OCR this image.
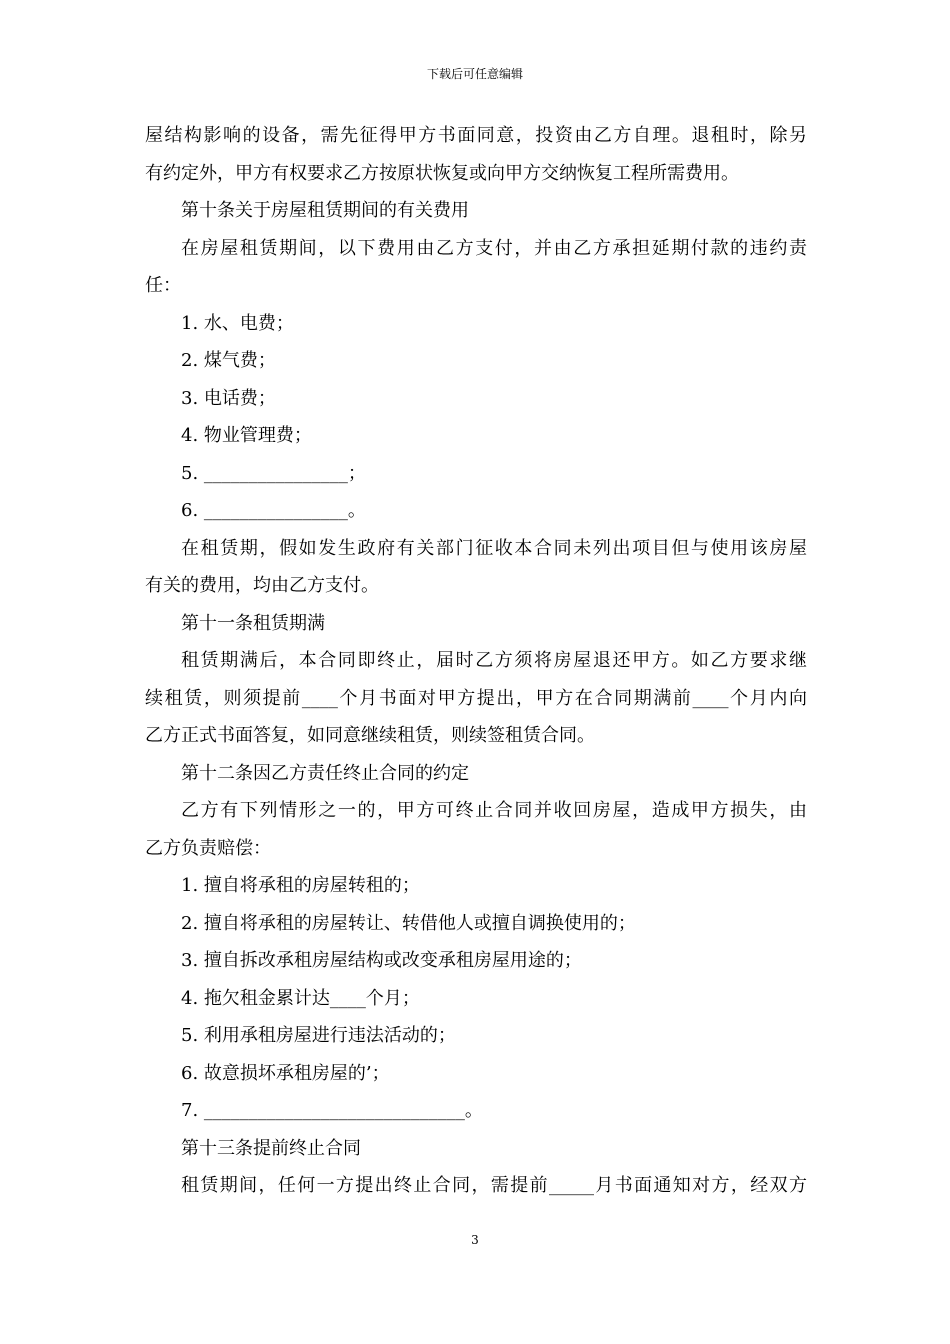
下载后可任意编辑
屋结构影响的设备，需先征得甲方书面同意，投资由乙方自理。退租时，除另
有约定外，甲方有权要求乙方按原状恢复或向甲方交纳恢复工程所需费用。
第十条关于房屋租赁期间的有关费用
在房屋租赁期间，以下费用由乙方支付，并由乙方承担延期付款的违约责
任：
1. 水、电费；
2. 煤气费；
3. 电话费；
4. 物业管理费；
5. ________________；
6. ________________。
在租赁期，假如发生政府有关部门征收本合同未列出项目但与使用该房屋
有关的费用，均由乙方支付。
第十一条租赁期满
租赁期满后，本合同即终止，届时乙方须将房屋退还甲方。如乙方要求继
续租赁，则须提前____个月书面对甲方提出，甲方在合同期满前____个月内向
乙方正式书面答复，如同意继续租赁，则续签租赁合同。
第十二条因乙方责任终止合同的约定
乙方有下列情形之一的，甲方可终止合同并收回房屋，造成甲方损失，由
乙方负责赔偿：
1. 擅自将承租的房屋转租的；
2. 擅自将承租的房屋转让、转借他人或擅自调换使用的；
3. 擅自拆改承租房屋结构或改变承租房屋用途的；
4. 拖欠租金累计达____个月；
5. 利用承租房屋进行违法活动的；
6. 故意损坏承租房屋的’；
7. _____________________________。
第十三条提前终止合同
租赁期间，任何一方提出终止合同，需提前_____月书面通知对方，经双方
3
